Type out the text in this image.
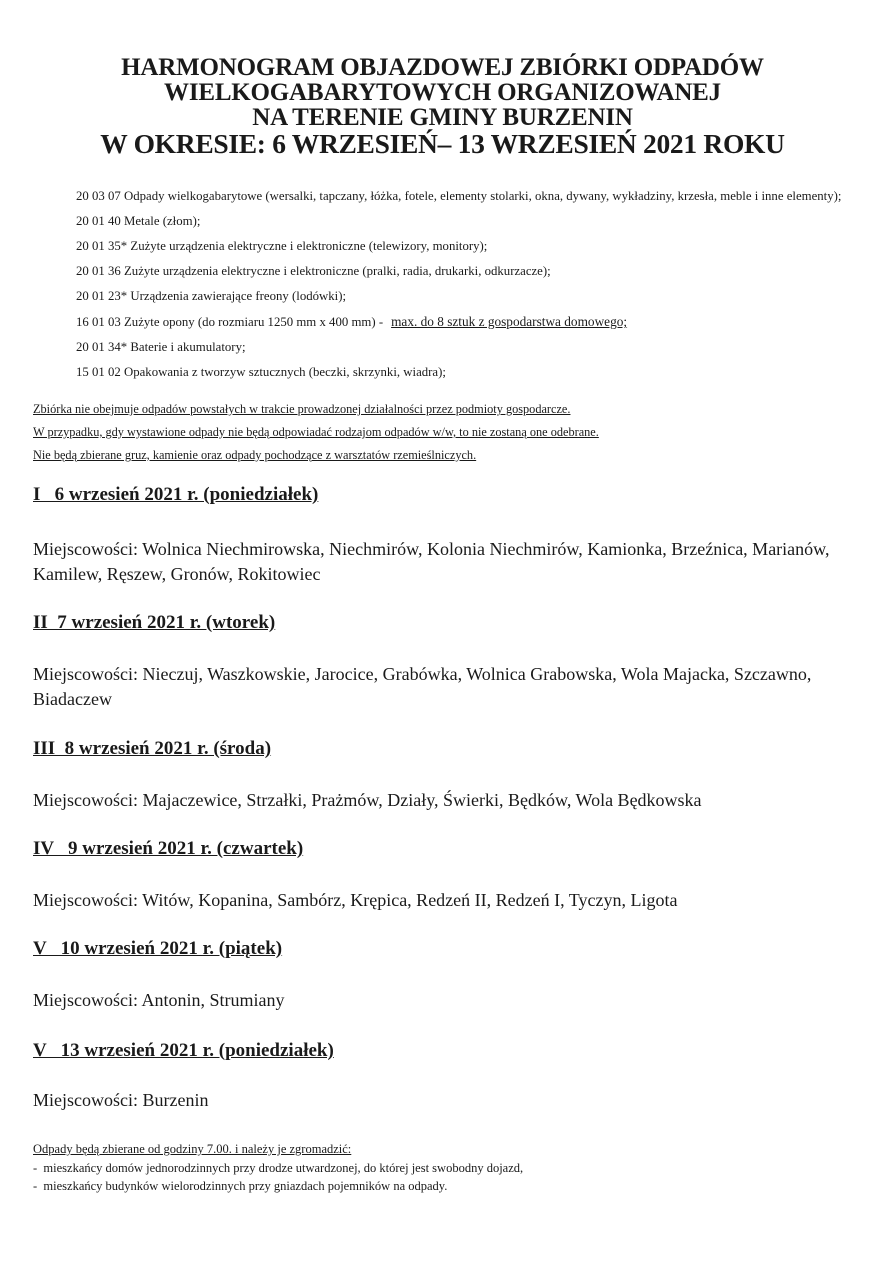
HARMONOGRAM OBJAZDOWEJ ZBIÓRKI ODPADÓW

WIELKOGABARYTOWYCH ORGANIZOWANEJ

NA TERENIE GMINY BURZENIN

W OKRESIE: 6 WRZESIEŃ– 13 WRZESIEŃ 2021 ROKU

20 03 07 Odpady wielkogabarytowe (wersalki, tapczany, łóżka, fotele, elementy stolarki, okna, dywany, wykładziny, krzesła, meble i inne elementy);

20 01 40 Metale (złom);

20 01 35* Zużyte urządzenia elektryczne i elektroniczne (telewizory, monitory);

20 01 36 Zużyte urządzenia elektryczne i elektroniczne (pralki, radia, drukarki, odkurzacze);

20 01 23* Urządzenia zawierające freony (lodówki);

16 01 03 Zużyte opony (do rozmiaru 1250 mm x 400 mm) - max. do 8 sztuk z gospodarstwa domowego;

20 01 34* Baterie i akumulatory;

15 01 02 Opakowania z tworzyw sztucznych (beczki, skrzynki, wiadra);

Zbiórka nie obejmuje odpadów powstałych w trakcie prowadzonej działalności przez podmioty gospodarcze.

W przypadku, gdy wystawione odpady nie będą odpowiadać rodzajom odpadów w/w, to nie zostaną one odebrane.

Nie będą zbierane gruz, kamienie oraz odpady pochodzące z warsztatów rzemieślniczych.

I   6 wrzesień 2021 r. (poniedziałek)

Miejscowości: Wolnica Niechmirowska, Niechmirów, Kolonia Niechmirów, Kamionka, Brzeźnica, Marianów, Kamilew, Ręszew, Gronów, Rokitowiec

II  7 wrzesień 2021 r. (wtorek)

Miejscowości: Nieczuj, Waszkowskie, Jarocice, Grabówka, Wolnica Grabowska, Wola Majacka, Szczawno, Biadaczew

III  8 wrzesień 2021 r. (środa)

Miejscowości: Majaczewice, Strzałki, Prażmów, Działy, Świerki, Będków, Wola Będkowska

IV   9 wrzesień 2021 r. (czwartek)

Miejscowości: Witów, Kopanina, Sambórz, Krępica, Redzeń II, Redzeń I, Tyczyn, Ligota

V   10 wrzesień 2021 r. (piątek)

Miejscowości: Antonin, Strumiany

V   13 wrzesień 2021 r. (poniedziałek)

Miejscowości: Burzenin

Odpady będą zbierane od godziny 7.00. i należy je zgromadzić:

-  mieszkańcy domów jednorodzinnych przy drodze utwardzonej, do której jest swobodny dojazd,

-  mieszkańcy budynków wielorodzinnych przy gniazdach pojemników na odpady.
